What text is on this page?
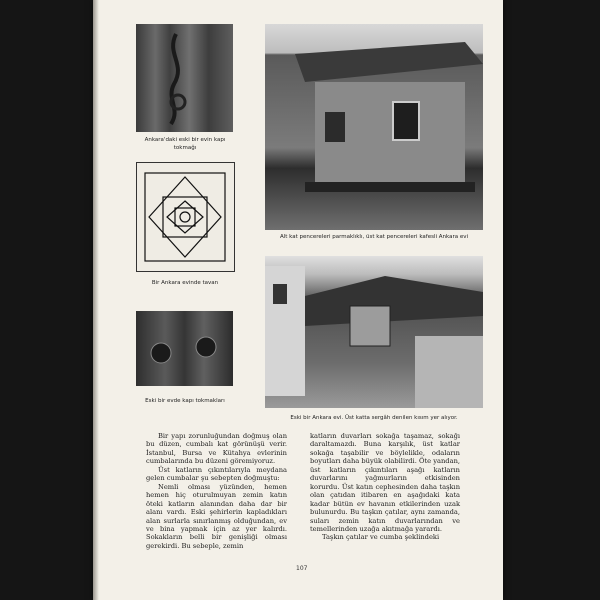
Ankara'daki eski bir evin kapı tokmağı
Bir Ankara evinde tavan
Eski bir evde kapı tokmakları
Alt kat pencereleri parmaklıklı, üst kat pencereleri kafesli Ankara evi
Eski bir Ankara evi. Üst katta sergâh denilen kısım yer alıyor.

Bir yapı zorunluğundan doğmuş olan bu düzen, cumbalı kat görünüşü verir. İstanbul, Bursa ve Kütahya evlerinin cumbalarında bu düzeni göremiyoruz.

Üst katların çıkıntılarıyla meydana gelen cumbalar şu sebepten doğmuştu:

Nemli olması yüzünden, hemen hemen hiç oturulmuyan zemin katın öteki katların alanından daha dar bir alanı vardı. Eski şehirlerin kapladıkları alan surlarla sınırlanmış olduğundan, ev ve bina yapmak için az yer kalırdı. Sokakların belli bir genişliği olması gerekirdi. Bu sebeple, zemin

katların duvarları sokağa taşamaz, sokağı daraltamazdı. Buna karşılık, üst katlar sokağa taşabilir ve böylelikle, odaların boyutları daha büyük olabilirdi. Öte yandan, üst katların çıkıntıları aşağı katların duvarlarını yağmurların etkisinden korurdu. Üst katın cephesinden daha taşkın olan çatıdan itibaren en aşağıdaki kata kadar bütün ev havanın etkilerinden uzak bulunurdu. Bu taşkın çatılar, aynı zamanda, suları zemin katın duvarlarından ve temellerinden uzağa akıtmağa yarardı.

Taşkın çatılar ve cumba şeklindeki

107
